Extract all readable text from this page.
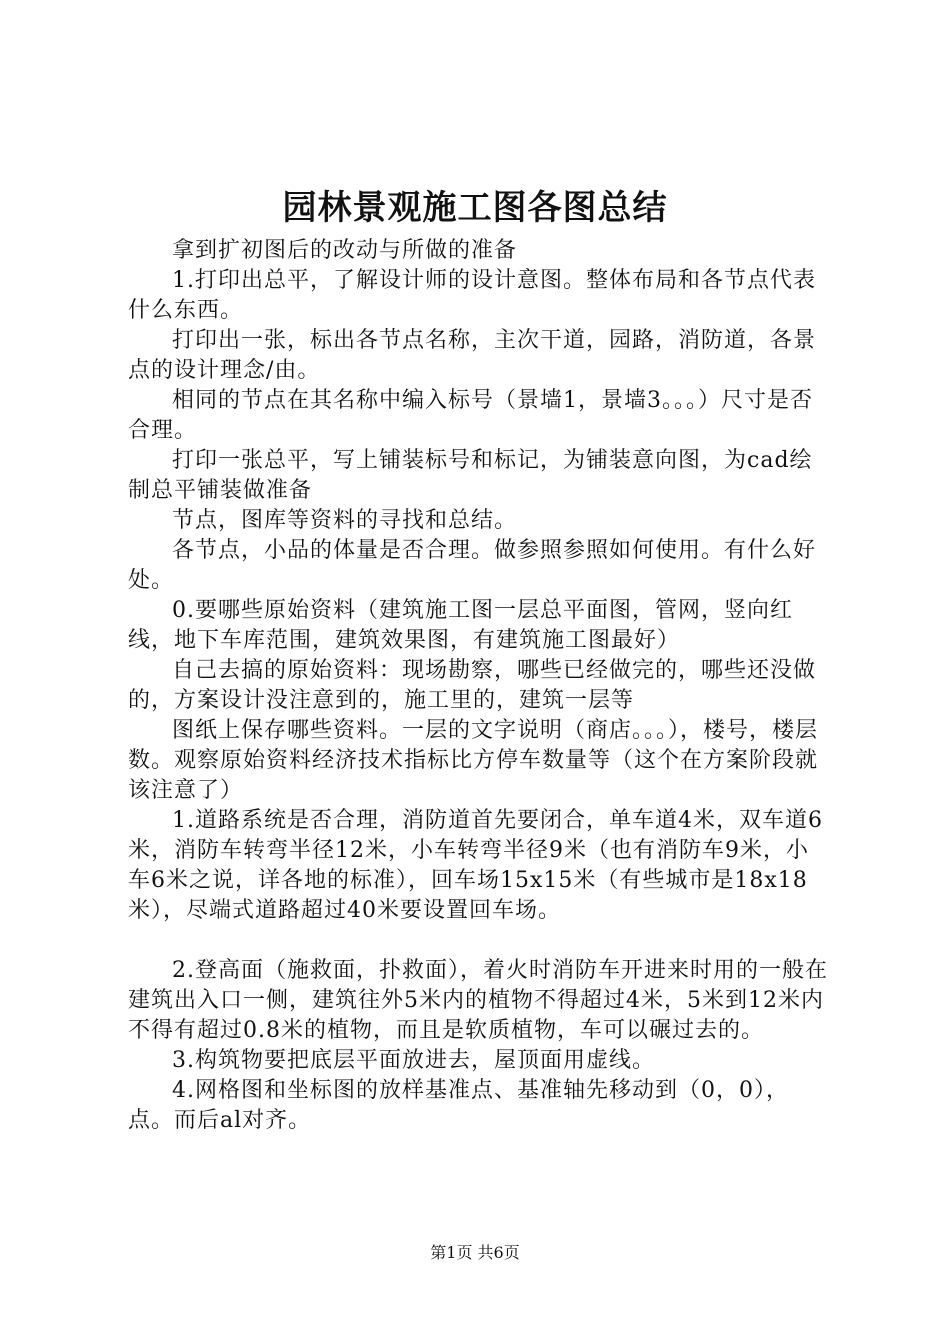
园林景观施工图各图总结

拿到扩初图后的改动与所做的准备

1.打印出总平，了解设计师的设计意图。整体布局和各节点代表什么东西。

打印出一张，标出各节点名称，主次干道，园路，消防道，各景点的设计理念/由。

相同的节点在其名称中编入标号（景墙1，景墙3。。。）尺寸是否合理。

打印一张总平，写上铺装标号和标记，为铺装意向图，为cad绘制总平铺装做准备

节点，图库等资料的寻找和总结。

各节点，小品的体量是否合理。做参照参照如何使用。有什么好处。

0.要哪些原始资料（建筑施工图一层总平面图，管网，竖向红线，地下车库范围，建筑效果图，有建筑施工图最好）

自己去搞的原始资料：现场勘察，哪些已经做完的，哪些还没做的，方案设计没注意到的，施工里的，建筑一层等

图纸上保存哪些资料。一层的文字说明（商店。。。），楼号，楼层数。观察原始资料经济技术指标比方停车数量等（这个在方案阶段就该注意了）

1.道路系统是否合理，消防道首先要闭合，单车道4米，双车道6米，消防车转弯半径12米，小车转弯半径9米（也有消防车9米，小车6米之说，详各地的标准），回车场15x15米（有些城市是18x18米），尽端式道路超过40米要设置回车场。

2.登高面（施救面，扑救面），着火时消防车开进来时用的一般在建筑出入口一侧，建筑往外5米内的植物不得超过4米，5米到12米内不得有超过0.8米的植物，而且是软质植物，车可以碾过去的。

3.构筑物要把底层平面放进去，屋顶面用虚线。

4.网格图和坐标图的放样基准点、基准轴先移动到（0，0），点。而后al对齐。

第1页 共6页
